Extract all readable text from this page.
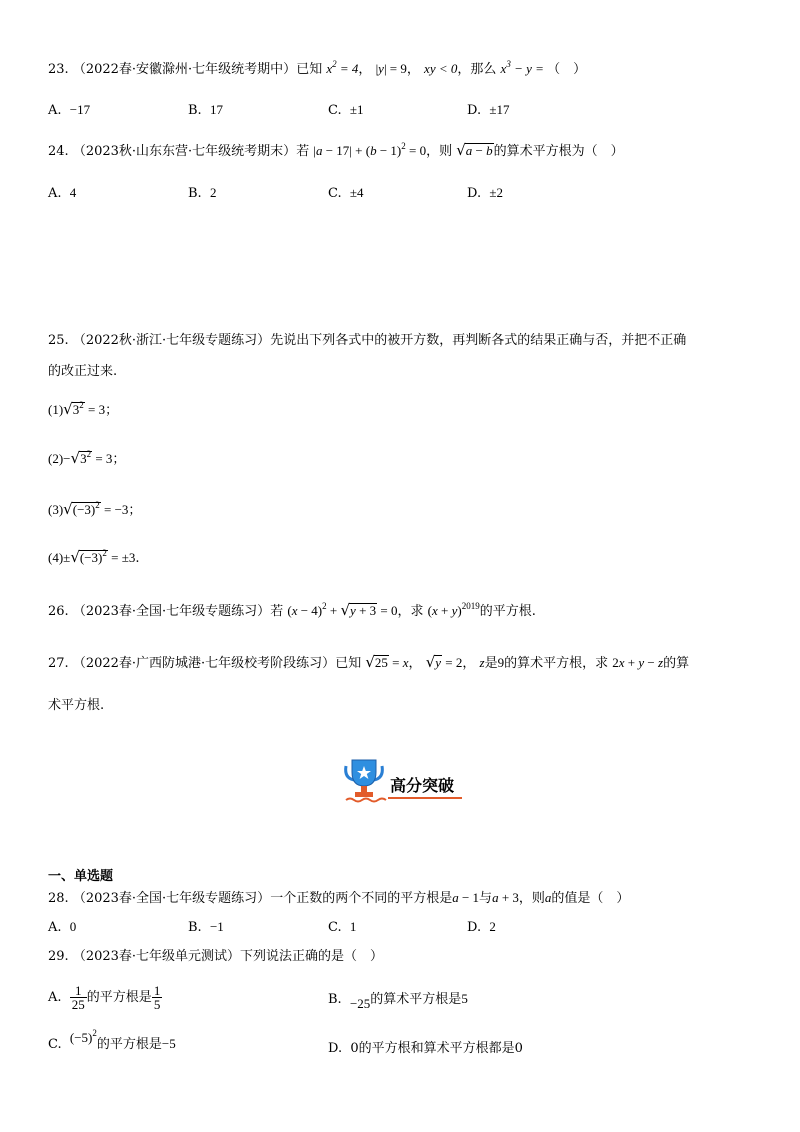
23. （2022春·安徽滁州·七年级统考期中）已知 $x^2 = 4$， |y| = 9， xy < 0，那么 $x^3 - y$ = （　）
A. −17	B. 17	C. ±1	D. ±17
24. （2023秋·山东东营·七年级统考期末）若 $|a - 17| + (b - 1)^2 = 0$，则 √a − b的算术平方根为（　）
A. 4	B. 2	C. ±4	D. ±2
25. （2022秋·浙江·七年级专题练习）先说出下列各式中的被开方数，再判断各式的结果正确与否，并把不正确
的改正过来.
$(1)√3^2 = 3$；
$(2)-√3^2 = 3$；
$(3)√(-3)^2 = -3$；
$(4)\pm√(-3)^2 = \pm 3$.
26. （2023春·全国·七年级专题练习）若 $(x - 4)^2 + √y + 3 = 0$，求 $(x + y)^{2019}$的平方根.
27. （2022春·广西防城港·七年级校考阶段练习）已知 √25 = x， √y = 2， z是9的算术平方根，求 2x + y − z的算
术平方根.
高分突破
一、单选题
28. （2023春·全国·七年级专题练习）一个正数的两个不同的平方根是a − 1与a + 3，则a的值是（　）
A. 0	B. −1	C. 1	D. 2
29. （2023春·七年级单元测试）下列说法正确的是（　）
A. $\frac{1}{25}$ 的平方根是 $\frac{1}{5}$	B. −25的算术平方根是5
C. $(-5)^2$的平方根是−5	D. 0的平方根和算术平方根都是0
